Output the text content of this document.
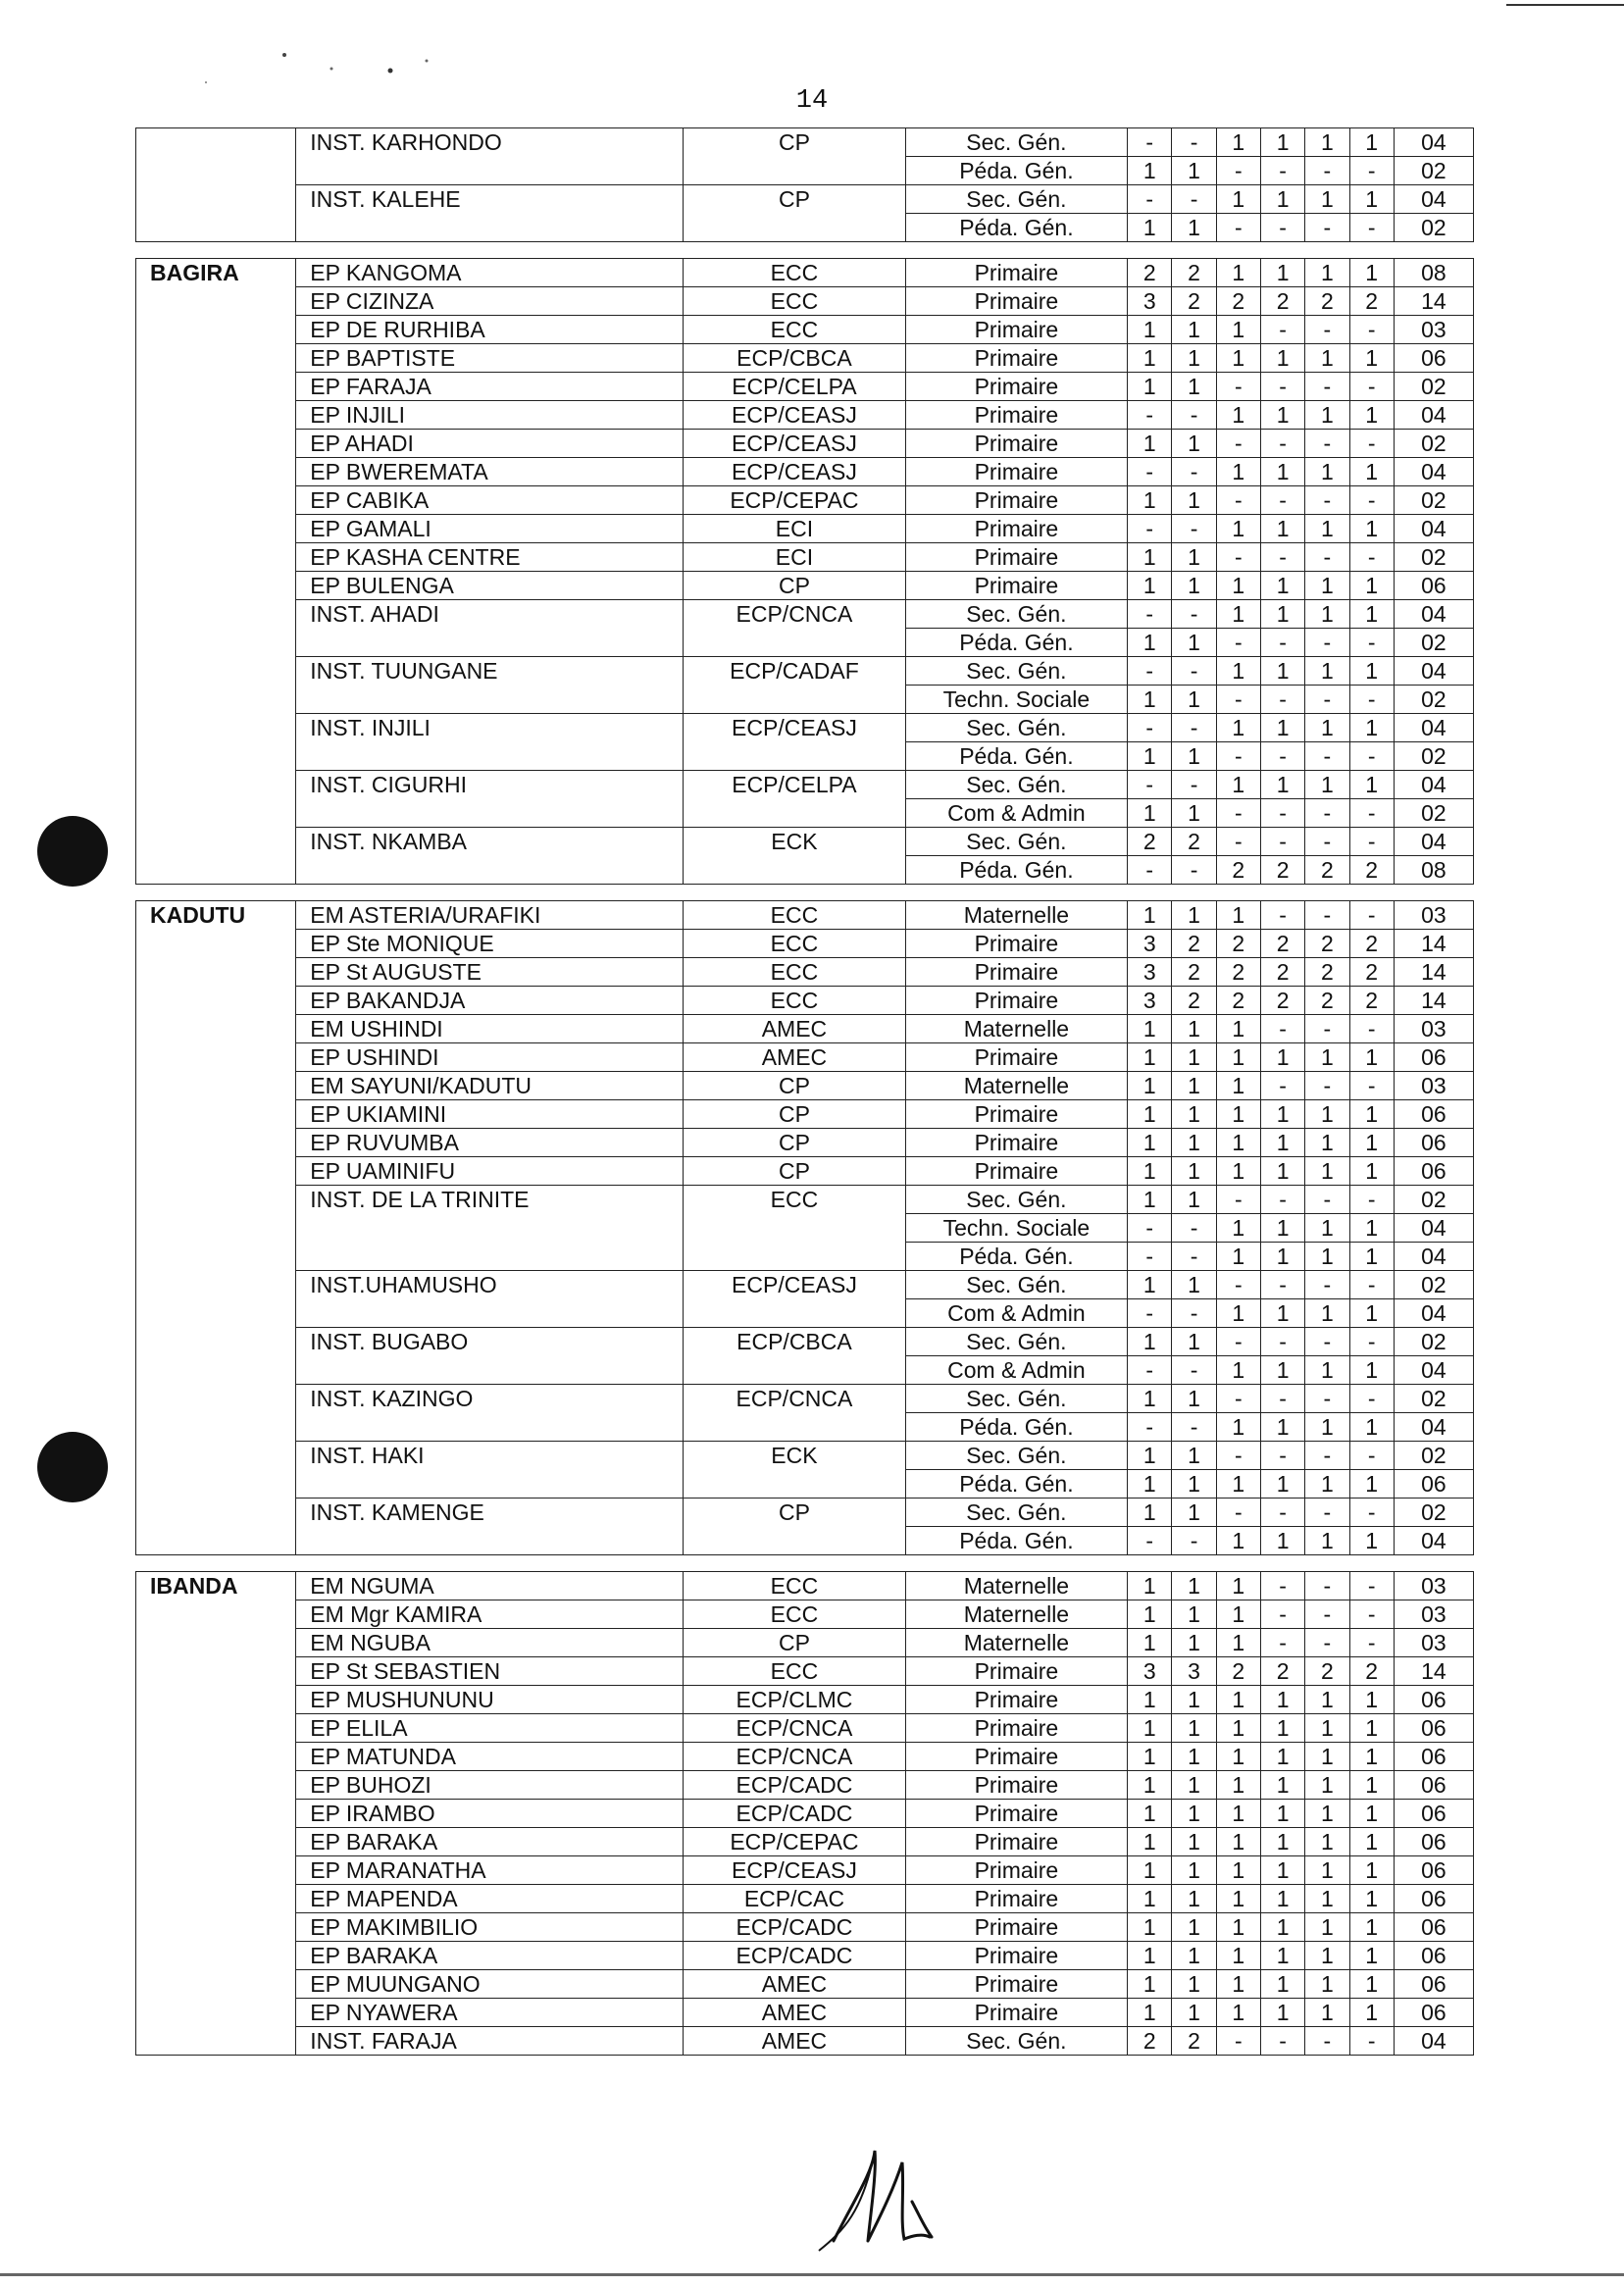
14
	INST. KARHONDO	CP	Sec. Gén.	-	-	1	1	1	1	04
			Péda. Gén.	1	1	-	-	-	-	02
	INST. KALEHE	CP	Sec. Gén.	-	-	1	1	1	1	04
			Péda. Gén.	1	1	-	-	-	-	02

BAGIRA	EP KANGOMA	ECC	Primaire	2	2	1	1	1	1	08
	EP CIZINZA	ECC	Primaire	3	2	2	2	2	2	14
	EP DE RURHIBA	ECC	Primaire	1	1	1	-	-	-	03
	EP BAPTISTE	ECP/CBCA	Primaire	1	1	1	1	1	1	06
	EP FARAJA	ECP/CELPA	Primaire	1	1	-	-	-	-	02
	EP INJILI	ECP/CEASJ	Primaire	-	-	1	1	1	1	04
	EP AHADI	ECP/CEASJ	Primaire	1	1	-	-	-	-	02
	EP BWEREMATA	ECP/CEASJ	Primaire	-	-	1	1	1	1	04
	EP CABIKA	ECP/CEPAC	Primaire	1	1	-	-	-	-	02
	EP GAMALI	ECI	Primaire	-	-	1	1	1	1	04
	EP KASHA CENTRE	ECI	Primaire	1	1	-	-	-	-	02
	EP BULENGA	CP	Primaire	1	1	1	1	1	1	06
	INST. AHADI	ECP/CNCA	Sec. Gén.	-	-	1	1	1	1	04
			Péda. Gén.	1	1	-	-	-	-	02
	INST. TUUNGANE	ECP/CADAF	Sec. Gén.	-	-	1	1	1	1	04
			Techn. Sociale	1	1	-	-	-	-	02
	INST. INJILI	ECP/CEASJ	Sec. Gén.	-	-	1	1	1	1	04
			Péda. Gén.	1	1	-	-	-	-	02
	INST. CIGURHI	ECP/CELPA	Sec. Gén.	-	-	1	1	1	1	04
			Com & Admin	1	1	-	-	-	-	02
	INST. NKAMBA	ECK	Sec. Gén.	2	2	-	-	-	-	04
			Péda. Gén.	-	-	2	2	2	2	08

KADUTU	EM ASTERIA/URAFIKI	ECC	Maternelle	1	1	1	-	-	-	03
	EP Ste MONIQUE	ECC	Primaire	3	2	2	2	2	2	14
	EP St AUGUSTE	ECC	Primaire	3	2	2	2	2	2	14
	EP BAKANDJA	ECC	Primaire	3	2	2	2	2	2	14
	EM USHINDI	AMEC	Maternelle	1	1	1	-	-	-	03
	EP USHINDI	AMEC	Primaire	1	1	1	1	1	1	06
	EM SAYUNI/KADUTU	CP	Maternelle	1	1	1	-	-	-	03
	EP UKIAMINI	CP	Primaire	1	1	1	1	1	1	06
	EP RUVUMBA	CP	Primaire	1	1	1	1	1	1	06
	EP UAMINIFU	CP	Primaire	1	1	1	1	1	1	06
	INST. DE LA TRINITE	ECC	Sec. Gén.	1	1	-	-	-	-	02
			Techn. Sociale	-	-	1	1	1	1	04
			Péda. Gén.	-	-	1	1	1	1	04
	INST.UHAMUSHO	ECP/CEASJ	Sec. Gén.	1	1	-	-	-	-	02
			Com & Admin	-	-	1	1	1	1	04
	INST. BUGABO	ECP/CBCA	Sec. Gén.	1	1	-	-	-	-	02
			Com & Admin	-	-	1	1	1	1	04
	INST. KAZINGO	ECP/CNCA	Sec. Gén.	1	1	-	-	-	-	02
			Péda. Gén.	-	-	1	1	1	1	04
	INST. HAKI	ECK	Sec. Gén.	1	1	-	-	-	-	02
			Péda. Gén.	1	1	1	1	1	1	06
	INST. KAMENGE	CP	Sec. Gén.	1	1	-	-	-	-	02
			Péda. Gén.	-	-	1	1	1	1	04

IBANDA	EM NGUMA	ECC	Maternelle	1	1	1	-	-	-	03
	EM Mgr KAMIRA	ECC	Maternelle	1	1	1	-	-	-	03
	EM NGUBA	CP	Maternelle	1	1	1	-	-	-	03
	EP St SEBASTIEN	ECC	Primaire	3	3	2	2	2	2	14
	EP MUSHUNUNU	ECP/CLMC	Primaire	1	1	1	1	1	1	06
	EP ELILA	ECP/CNCA	Primaire	1	1	1	1	1	1	06
	EP MATUNDA	ECP/CNCA	Primaire	1	1	1	1	1	1	06
	EP BUHOZI	ECP/CADC	Primaire	1	1	1	1	1	1	06
	EP IRAMBO	ECP/CADC	Primaire	1	1	1	1	1	1	06
	EP BARAKA	ECP/CEPAC	Primaire	1	1	1	1	1	1	06
	EP MARANATHA	ECP/CEASJ	Primaire	1	1	1	1	1	1	06
	EP MAPENDA	ECP/CAC	Primaire	1	1	1	1	1	1	06
	EP MAKIMBILIO	ECP/CADC	Primaire	1	1	1	1	1	1	06
	EP BARAKA	ECP/CADC	Primaire	1	1	1	1	1	1	06
	EP MUUNGANO	AMEC	Primaire	1	1	1	1	1	1	06
	EP NYAWERA	AMEC	Primaire	1	1	1	1	1	1	06
	INST. FARAJA	AMEC	Sec. Gén.	2	2	-	-	-	-	04
